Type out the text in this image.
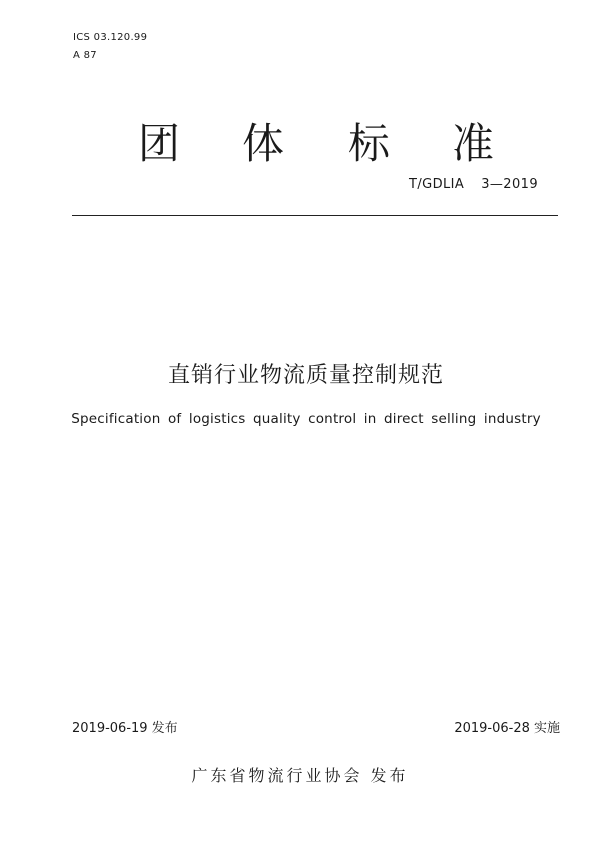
ICS 03.120.99
A 87
团 体 标 准
T/GDLIA  3—2019
直销行业物流质量控制规范
Specification of logistics quality control in direct selling industry
2019-06-19 发布	2019-06-28 实施
广东省物流行业协会 发布
